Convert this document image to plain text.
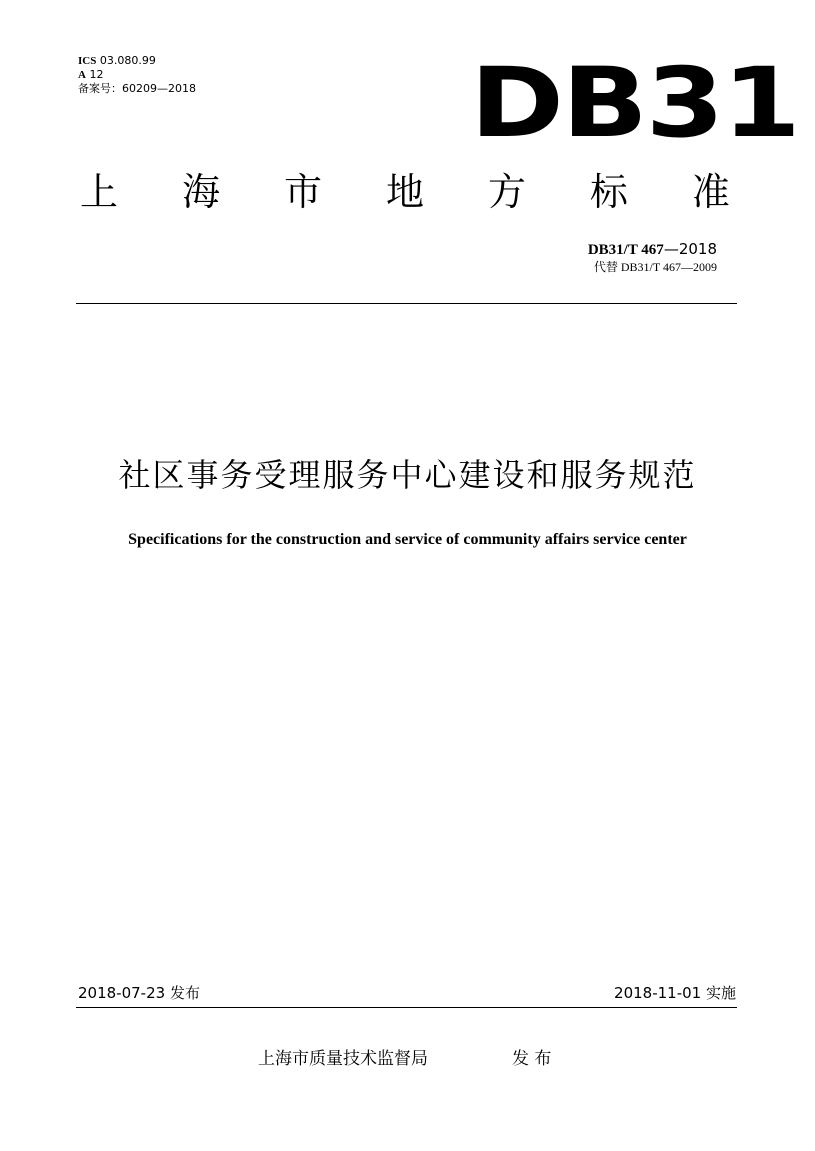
ICS 03.080.99
A 12
备案号：60209—2018	DB31
上 海 市 地 方 标 准
DB31/T 467—2018
代替 DB31/T 467—2009
社区事务受理服务中心建设和服务规范
Specifications for the construction and service of community affairs service center
2018-07-23 发布	2018-11-01 实施
上海市质量技术监督局	发 布
